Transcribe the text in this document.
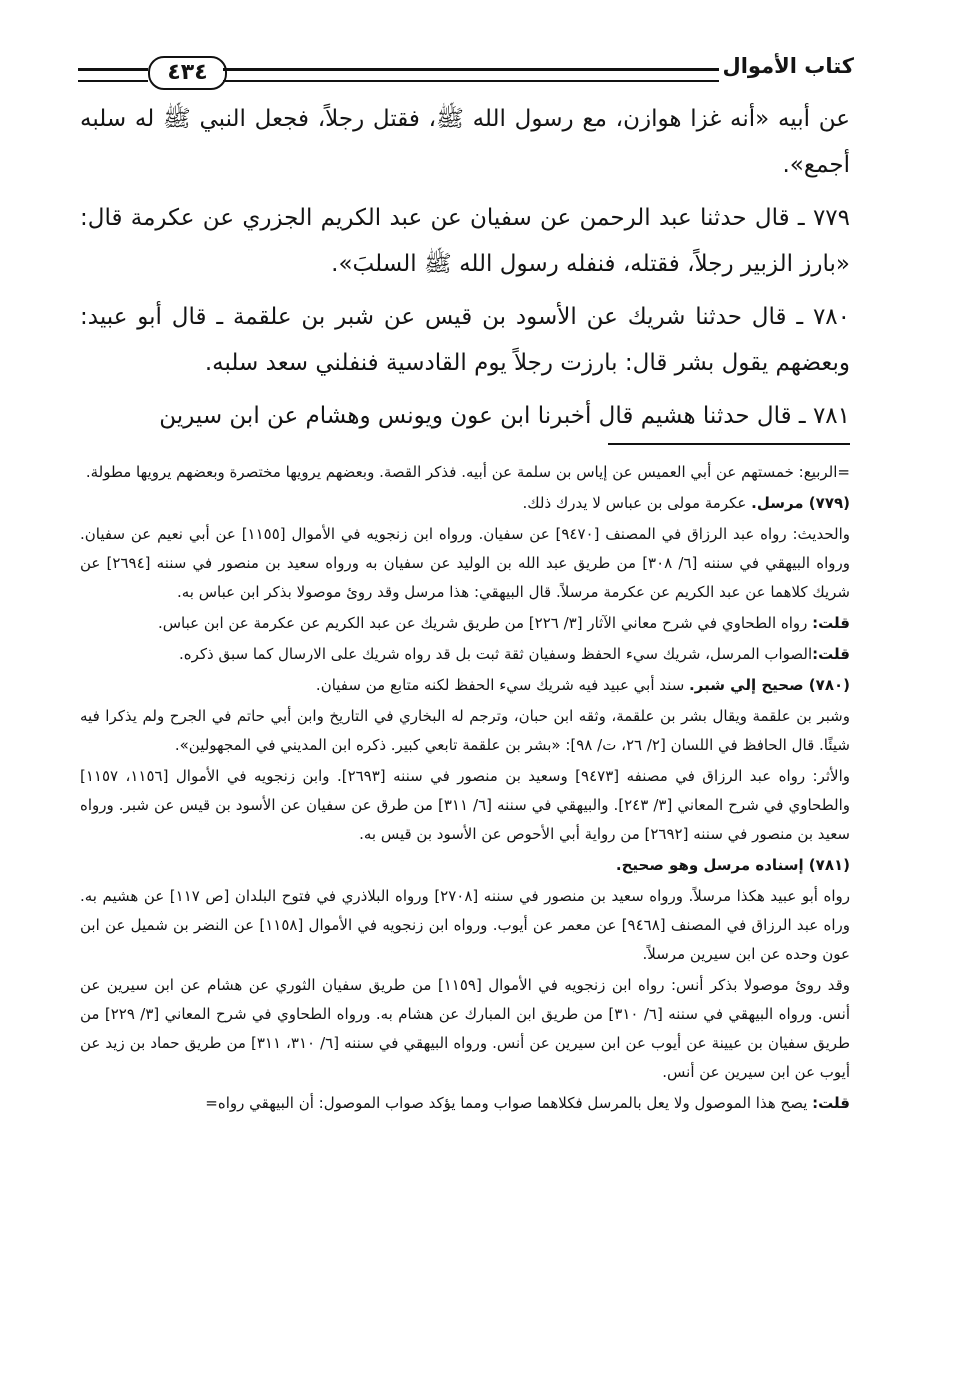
٤٣٤	كتاب الأموال

عن أبيه «أنه غزا هوازن، مع رسول الله ﷺ، فقتل رجلاً، فجعل النبي ﷺ له سلبه أجمع».

٧٧٩ ـ قال حدثنا عبد الرحمن عن سفيان عن عبد الكريم الجزري عن عكرمة قال: «بارز الزبير رجلاً، فقتله، فنفله رسول الله ﷺ السلبَ».

٧٨٠ ـ قال حدثنا شريك عن الأسود بن قيس عن شبر بن علقمة ـ قال أبو عبيد: وبعضهم يقول بشر قال: بارزت رجلاً يوم القادسية فنفلني سعد سلبه.

٧٨١ ـ قال حدثنا هشيم قال أخبرنا ابن عون ويونس وهشام عن ابن سيرين

=الربيع: خمستهم عن أبي العميس عن إياس بن سلمة عن أبيه. فذكر القصة. وبعضهم يرويها مختصرة وبعضهم يرويها مطولة.

(٧٧٩) مرسل. عكرمة مولى بن عباس لا يدرك ذلك.

والحديث: رواه عبد الرزاق في المصنف [٩٤٧٠] عن سفيان. ورواه ابن زنجويه في الأموال [١١٥٥] عن أبي نعيم عن سفيان. ورواه البيهقي في سننه [٦/ ٣٠٨] من طريق عبد الله بن الوليد عن سفيان به ورواه سعيد بن منصور في سننه [٢٦٩٤] عن شريك كلاهما عن عبد الكريم عن عكرمة مرسلاً. قال البيهقي: هذا مرسل وقد روئ موصولا بذكر ابن عباس به.

قلت: رواه الطحاوي في شرح معاني الآثار [٣/ ٢٢٦] من طريق شريك عن عبد الكريم عن عكرمة عن ابن عباس.

قلت:الصواب المرسل، شريك سيء الحفظ وسفيان ثقة ثبت بل قد رواه شريك على الارسال كما سبق ذكره.

(٧٨٠) صحيح إلي شبر. سند أبي عبيد فيه شريك سيء الحفظ لكنه متابع من سفيان.

وشبر بن علقمة ويقال بشر بن علقمة، وثقه ابن حبان، وترجم له البخاري في التاريخ وابن أبي حاتم في الجرح ولم يذكرا فيه شيئًا. قال الحافظ في اللسان [٢/ ٢٦، ت/ ٩٨]: «بشر بن علقمة تابعي كبير. ذكره ابن المديني في المجهولين».

والأثر: رواه عبد الرزاق في مصنفه [٩٤٧٣] وسعيد بن منصور في سننه [٢٦٩٣]. وابن زنجويه في الأموال [١١٥٦، ١١٥٧] والطحاوي في شرح المعاني [٣/ ٢٤٣]. والبيهقي في سننه [٦/ ٣١١] من طرق عن سفيان عن الأسود بن قيس عن شبر. ورواه سعيد بن منصور في سننه [٢٦٩٢] من رواية أبي الأحوص عن الأسود بن قيس به.

(٧٨١) إسناده مرسل وهو صحيح.

رواه أبو عبيد هكذا مرسلاً. ورواه سعيد بن منصور في سننه [٢٧٠٨] ورواه البلاذري في فتوح البلدان [ص ١١٧] عن هشيم به. وراه عبد الرزاق في المصنف [٩٤٦٨] عن معمر عن أيوب. ورواه ابن زنجويه في الأموال [١١٥٨] عن النضر بن شميل عن ابن عون وحده عن ابن سيرين مرسلاً.

وقد روئ موصولا بذكر أنس: رواه ابن زنجويه في الأموال [١١٥٩] من طريق سفيان الثوري عن هشام عن ابن سيرين عن أنس. ورواه البيهقي في سننه [٦/ ٣١٠] من طريق ابن المبارك عن هشام به. ورواه الطحاوي في شرح المعاني [٣/ ٢٢٩] من طريق سفيان بن عيينة عن أيوب عن ابن سيرين عن أنس. ورواه البيهقي في سننه [٦/ ٣١٠، ٣١١] من طريق حماد بن زيد عن أيوب عن ابن سيرين عن أنس.

قلت: يصح هذا الموصول ولا يعل بالمرسل فكلاهما صواب ومما يؤكد صواب الموصول: أن البيهقي رواه=
